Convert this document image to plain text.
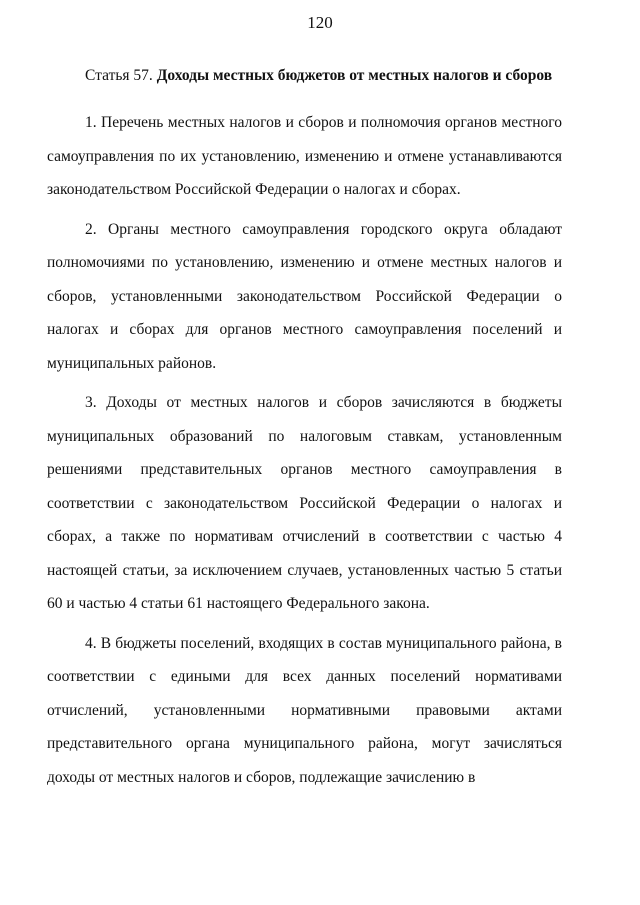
120

Статья 57. Доходы местных бюджетов от местных налогов и сборов

1. Перечень местных налогов и сборов и полномочия органов местного самоуправления по их установлению, изменению и отмене устанавливаются законодательством Российской Федерации о налогах и сборах.

2. Органы местного самоуправления городского округа обладают полномочиями по установлению, изменению и отмене местных налогов и сборов, установленными законодательством Российской Федерации о налогах и сборах для органов местного самоуправления поселений и муниципальных районов.

3. Доходы от местных налогов и сборов зачисляются в бюджеты муниципальных образований по налоговым ставкам, установленным решениями представительных органов местного самоуправления в соответствии с законодательством Российской Федерации о налогах и сборах, а также по нормативам отчислений в соответствии с частью 4 настоящей статьи, за исключением случаев, установленных частью 5 статьи 60 и частью 4 статьи 61 настоящего Федерального закона.

4. В бюджеты поселений, входящих в состав муниципального района, в соответствии с едиными для всех данных поселений нормативами отчислений, установленными нормативными правовыми актами представительного органа муниципального района, могут зачисляться доходы от местных налогов и сборов, подлежащие зачислению в
